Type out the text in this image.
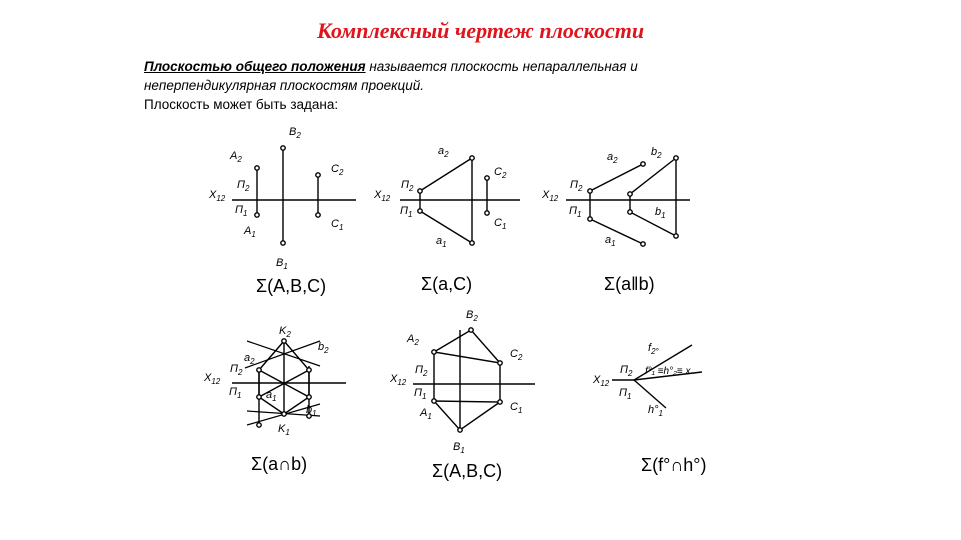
Комплексный чертеж плоскости
Плоскостью общего положения называется плоскость непараллельная и
неперпендикулярная плоскостям проекций.
Плоскость может быть задана:
$X_{12}$
$П_2$
$П_1$
$A_2$
$A_1$
$B_2$
$B_1$
$C_2$
$C_1$
$X_{12}$
$П_2$
$П_1$
$a_2$
$a_1$
$C_2$
$C_1$
$X_{12}$
$П_2$
$П_1$
$a_2$
$b_2$
$b_1$
$a_1$
$X_{12}$
$П_2$
$П_1$
$a_2$
$K_2$
$b_2$
$a_1$
$b_1$
$K_1$
$X_{12}$
$П_2$
$П_1$
$A_2$
$B_2$
$C_2$
$A_1$
$C_1$
$B_1$
$X_{12}$
$П_2$
$П_1$
$f_{2^\circ}$
f°₁ ≡h°₂≡ x
$h^\circ_1$
Σ(A,B,C)	Σ(a,C)	Σ(a‖b)
Σ(a∩b)	Σ(A,B,C)	Σ(f°∩h°)
